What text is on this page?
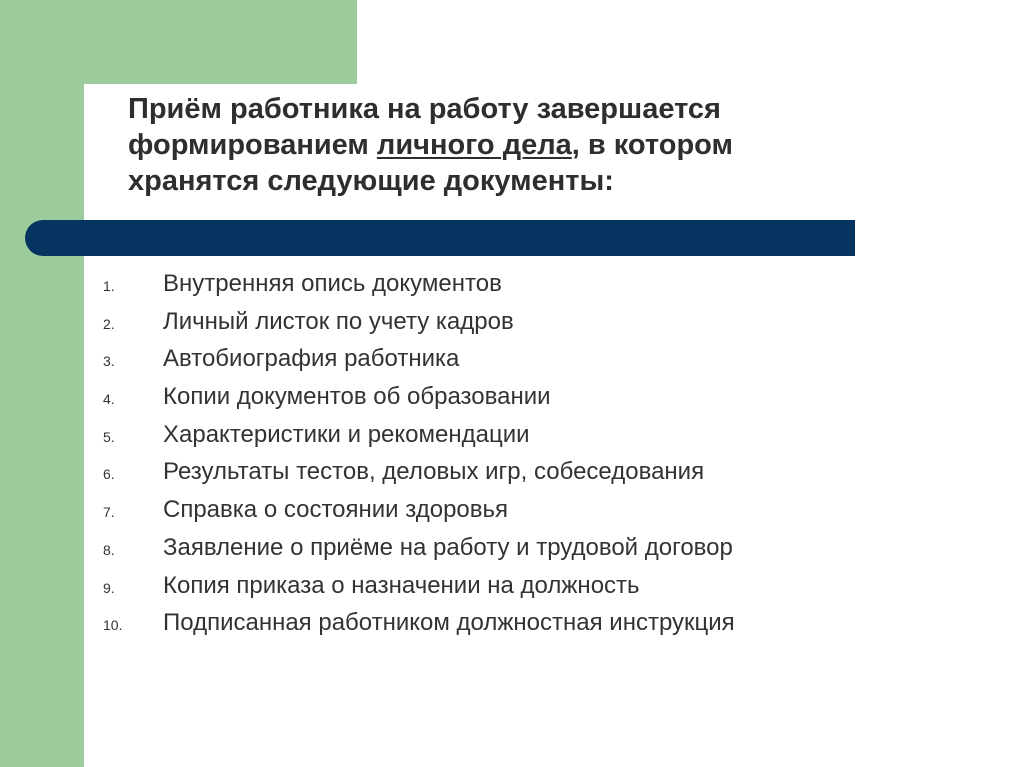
Приём работника на работу завершается формированием личного дела, в котором хранятся следующие документы:
1. Внутренняя опись документов
2. Личный листок по учету кадров
3. Автобиография работника
4. Копии документов об образовании
5. Характеристики и рекомендации
6. Результаты тестов, деловых игр, собеседования
7. Справка о состоянии здоровья
8. Заявление о приёме на работу и трудовой договор
9. Копия приказа о назначении на должность
10. Подписанная работником должностная инструкция
